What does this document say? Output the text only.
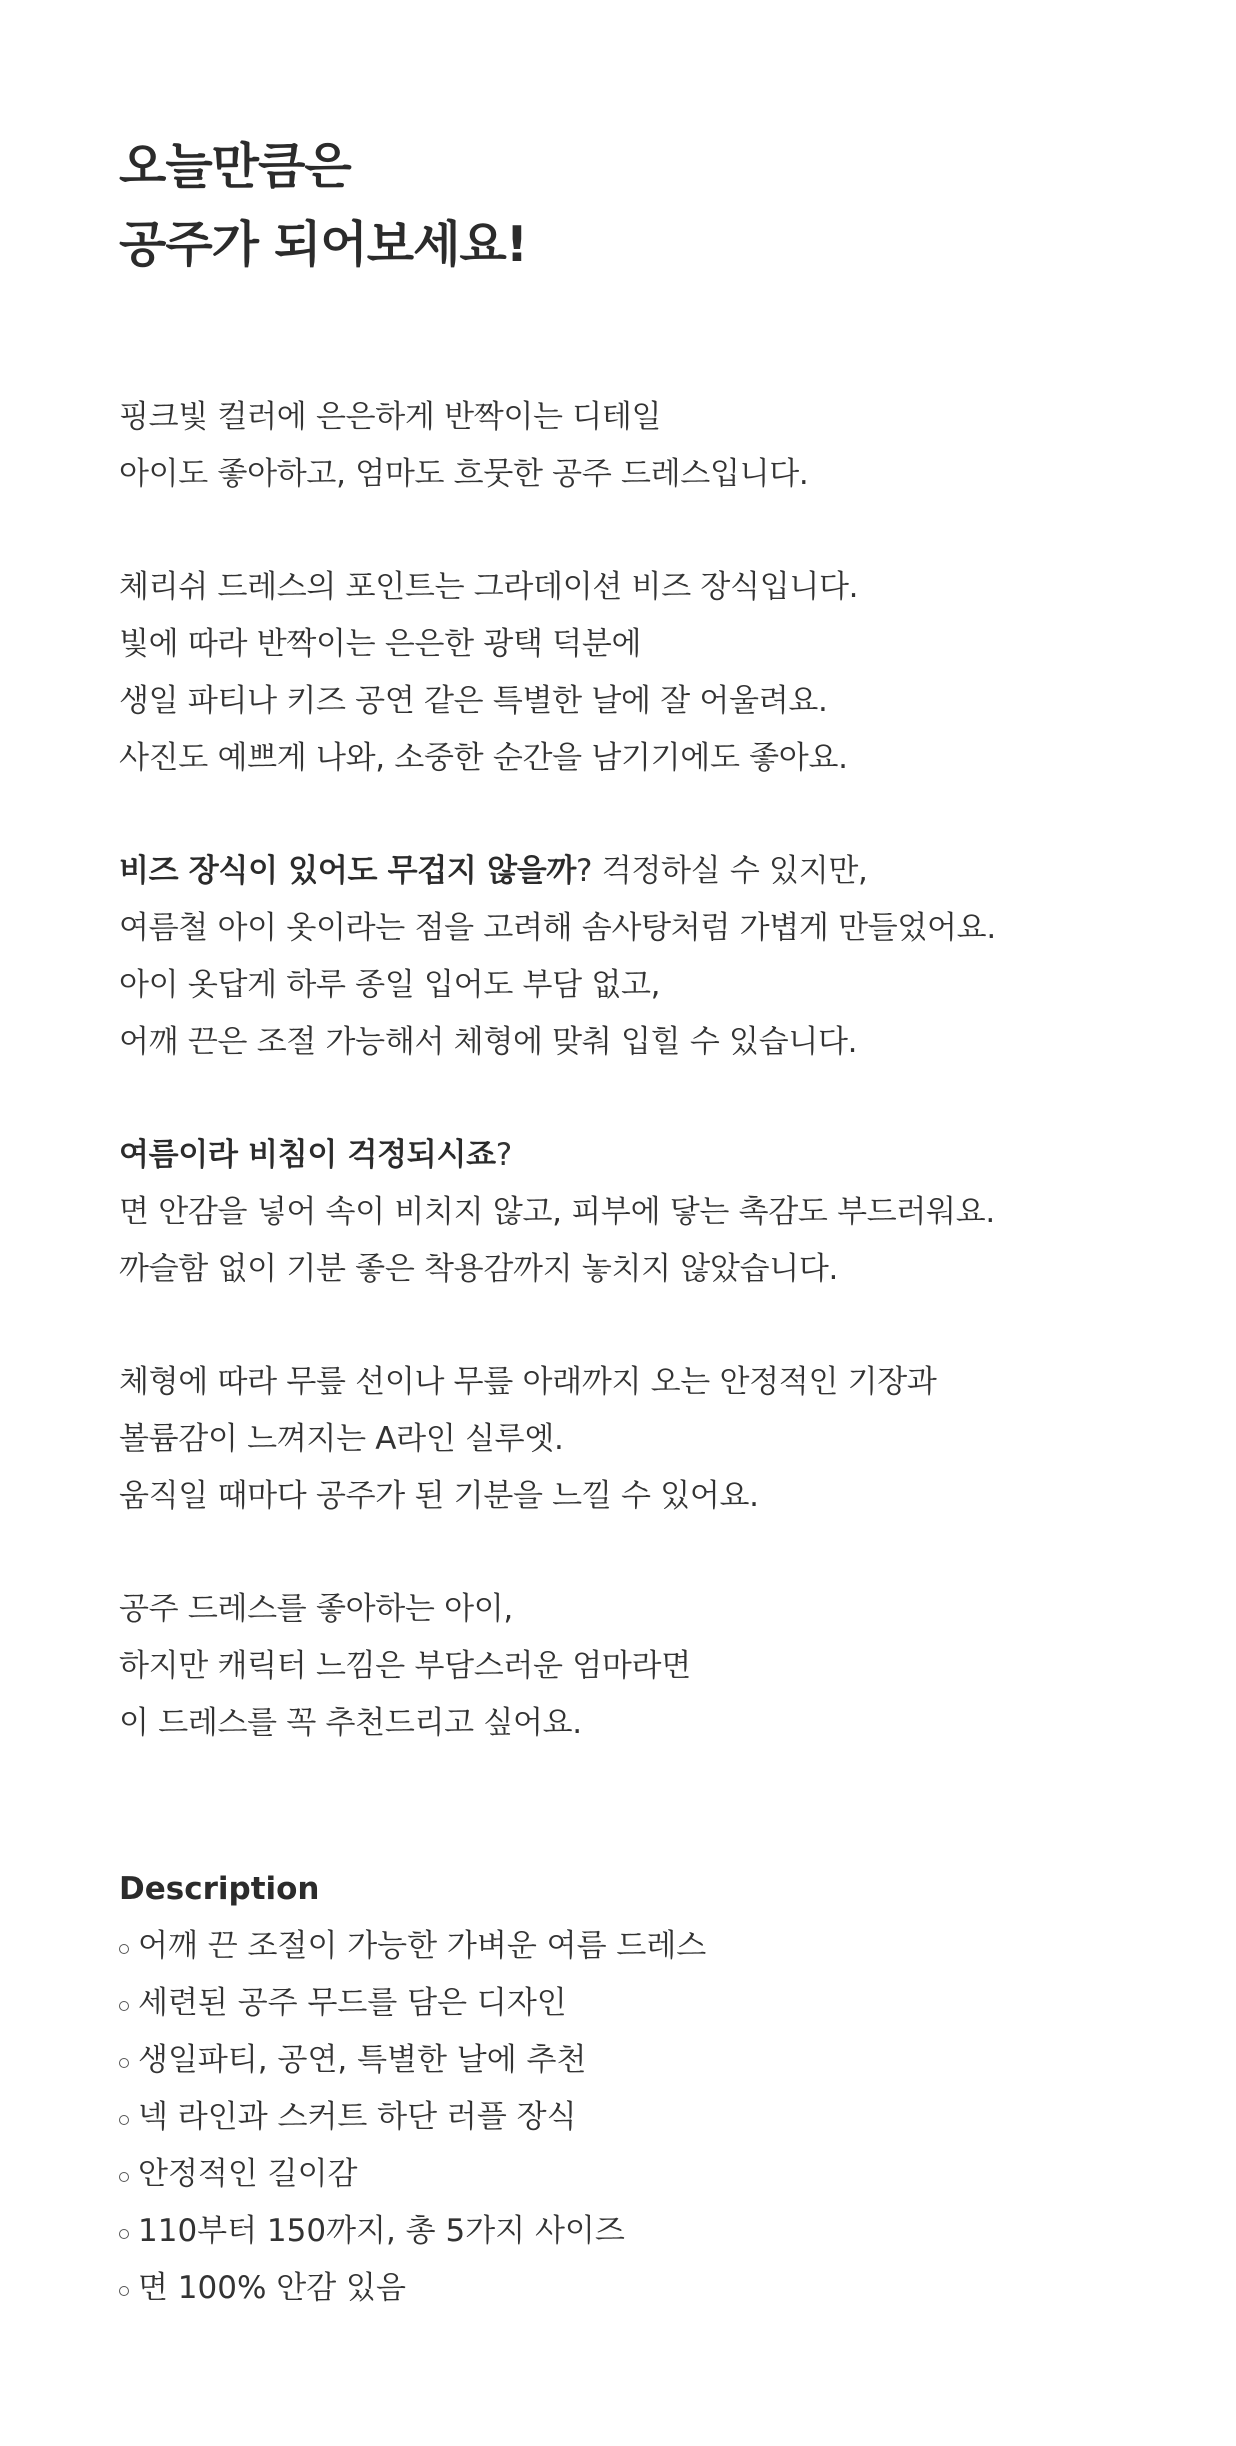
오늘만큼은
공주가 되어보세요!

핑크빛 컬러에 은은하게 반짝이는 디테일
아이도 좋아하고, 엄마도 흐뭇한 공주 드레스입니다.

체리쉬 드레스의 포인트는 그라데이션 비즈 장식입니다.
빛에 따라 반짝이는 은은한 광택 덕분에
생일 파티나 키즈 공연 같은 특별한 날에 잘 어울려요.
사진도 예쁘게 나와, 소중한 순간을 남기기에도 좋아요.

비즈 장식이 있어도 무겁지 않을까? 걱정하실 수 있지만,
여름철 아이 옷이라는 점을 고려해 솜사탕처럼 가볍게 만들었어요.
아이 옷답게 하루 종일 입어도 부담 없고,
어깨 끈은 조절 가능해서 체형에 맞춰 입힐 수 있습니다.

여름이라 비침이 걱정되시죠?
면 안감을 넣어 속이 비치지 않고, 피부에 닿는 촉감도 부드러워요.
까슬함 없이 기분 좋은 착용감까지 놓치지 않았습니다.

체형에 따라 무릎 선이나 무릎 아래까지 오는 안정적인 기장과
볼륨감이 느껴지는 A라인 실루엣.
움직일 때마다 공주가 된 기분을 느낄 수 있어요.

공주 드레스를 좋아하는 아이,
하지만 캐릭터 느낌은 부담스러운 엄마라면
이 드레스를 꼭 추천드리고 싶어요.

Description
어깨 끈 조절이 가능한 가벼운 여름 드레스
세련된 공주 무드를 담은 디자인
생일파티, 공연, 특별한 날에 추천
넥 라인과 스커트 하단 러플 장식
안정적인 길이감
110부터 150까지, 총 5가지 사이즈
면 100% 안감 있음
